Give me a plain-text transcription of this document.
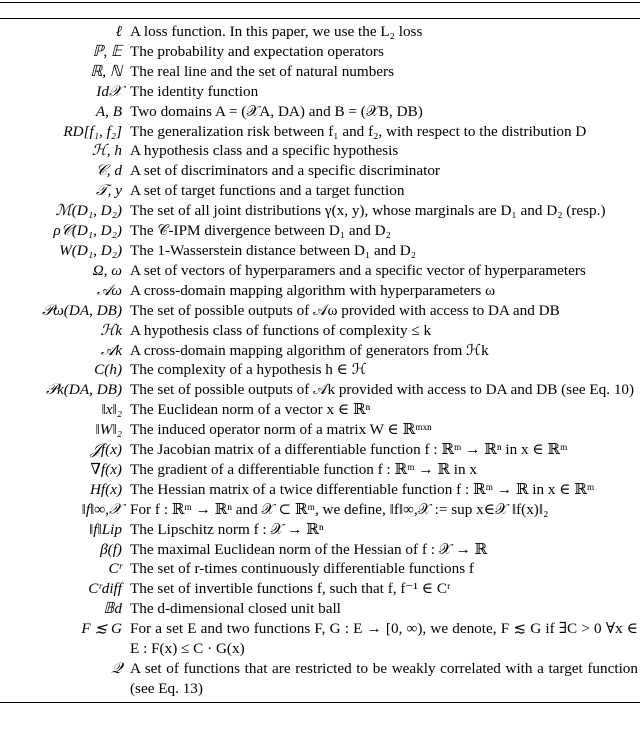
ℓ A loss function. In this paper, we use the L₂ loss
ℙ, 𝔼 The probability and expectation operators
ℝ, ℕ The real line and the set of natural numbers
Id𝒳 The identity function
A, B Two domains A = (𝒳A, DA) and B = (𝒳B, DB)
RD[f₁, f₂] The generalization risk between f₁ and f₂, with respect to the distribution D
ℋ, h A hypothesis class and a specific hypothesis
𝒞, d A set of discriminators and a specific discriminator
𝒯, y A set of target functions and a target function
ℳ(D₁, D₂) The set of all joint distributions γ(x, y), whose marginals are D₁ and D₂ (resp.)
ρ𝒞(D₁, D₂) The 𝒞-IPM divergence between D₁ and D₂
W(D₁, D₂) The 1-Wasserstein distance between D₁ and D₂
Ω, ω A set of vectors of hyperparamers and a specific vector of hyperparameters
𝒜ω A cross-domain mapping algorithm with hyperparameters ω
𝒫ω(DA, DB) The set of possible outputs of 𝒜ω provided with access to DA and DB
ℋk A hypothesis class of functions of complexity ≤ k
𝒜k A cross-domain mapping algorithm of generators from ℋk
C(h) The complexity of a hypothesis h ∈ ℋ
𝒫k(DA, DB) The set of possible outputs of 𝒜k provided with access to DA and DB (see Eq. 10)
‖x‖₂ The Euclidean norm of a vector x ∈ ℝⁿ
‖W‖₂ The induced operator norm of a matrix W ∈ ℝᵐˣⁿ
𝒥f(x) The Jacobian matrix of a differentiable function f : ℝᵐ → ℝⁿ in x ∈ ℝᵐ
∇f(x) The gradient of a differentiable function f : ℝᵐ → ℝ in x
Hf(x) The Hessian matrix of a twice differentiable function f : ℝᵐ → ℝ in x ∈ ℝᵐ
‖f‖∞,𝒳 For f : ℝᵐ → ℝⁿ and 𝒳 ⊂ ℝᵐ, we define, ‖f‖∞,𝒳 := sup x∈𝒳 ‖f(x)‖₂
‖f‖Lip The Lipschitz norm f : 𝒳 → ℝⁿ
β(f) The maximal Euclidean norm of the Hessian of f : 𝒳 → ℝ
Cʳ The set of r-times continuously differentiable functions f
Cʳdiff The set of invertible functions f, such that f, f⁻¹ ∈ Cʳ
𝔹d The d-dimensional closed unit ball
F ≲ G For a set E and two functions F, G : E → [0, ∞), we denote, F ≲ G if ∃C > 0 ∀x ∈ E : F(x) ≤ C · G(x)
𝒬 A set of functions that are restricted to be weakly correlated with a target function (see Eq. 13)
